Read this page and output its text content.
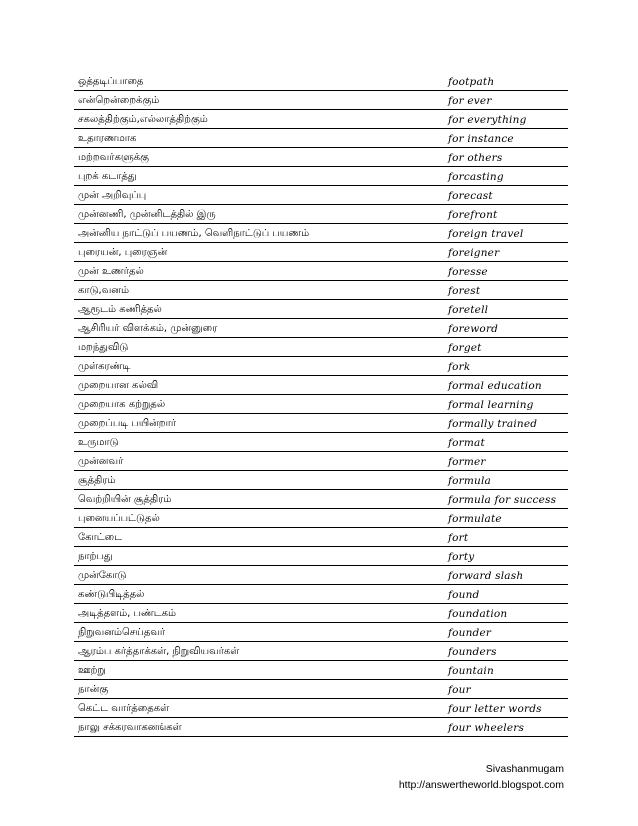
ஒத்தடிப்பாதை	footpath
என்றென்றைக்கும்	for ever
சகலத்திற்கும்,எல்லாத்திற்கும்	for everything
உதாரணமாக	for instance
மற்றவர்களுக்கு	for others
புறக் கடாத்து	forcasting
முன் அறிவுப்பு	forecast
முன்னணி, முன்னிடத்தில் இரு	forefront
அன்னிய நாட்டுப் பயணம், வெளிநாட்டுப் பயணம்	foreign travel
புரையன், புரைஞன்	foreigner
முன் உணர்தல்	foresse
காடு,வனம்	forest
ஆரூடம் கணித்தல்	foretell
ஆசிரியர் விளக்கம், முன்னுரை	foreword
மறந்துவிடு	forget
முள்கரண்டி	fork
முறையான கல்வி	formal education
முறையாக கற்றுதல்	formal learning
முறைப்படி பயின்றார்	formally trained
உருமாடு	format
முன்னவர்	former
சூத்திரம்	formula
வெற்றியின் சூத்திரம்	formula for success
புனையப்பட்டுதல்	formulate
கோட்டை	fort
நாற்பது	forty
முன்கோடு	forward slash
கண்டுபிடித்தல்	found
அடித்தளம், பண்டகம்	foundation
நிறுவனம்செய்தவர்	founder
ஆரம்ப கர்த்தாக்கள், நிறுவியவர்கள்	founders
ஊற்று	fountain
நான்கு	four
கெட்ட வார்த்தைகள்	four letter words
நாலு சக்கரவாகனங்கள்	four wheelers
Sivashanmugam
http://answertheworld.blogspot.com
